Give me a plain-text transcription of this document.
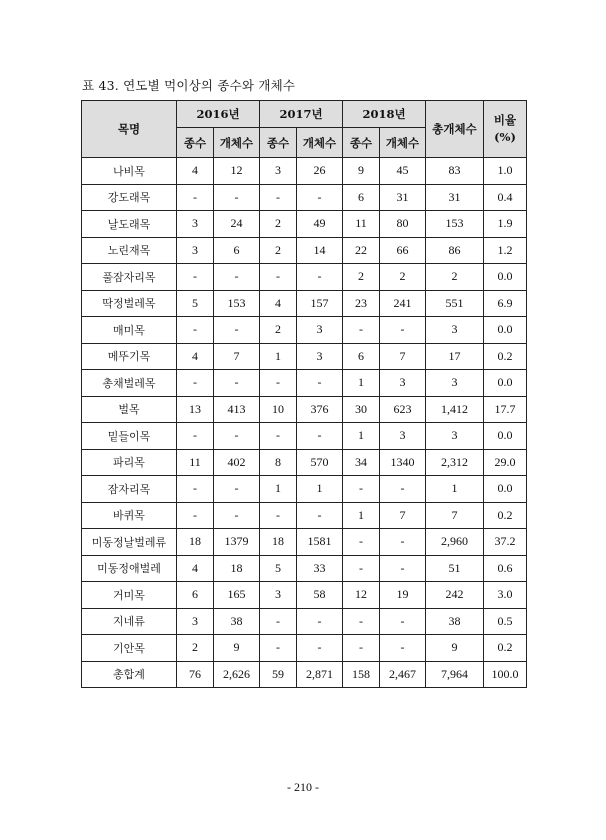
표 43. 연도별 먹이상의 종수와 개체수
목명	2016년		2017년		2018년		총개체수	비율
(%)
	종수	개체수	종수	개체수	종수	개체수		
나비목	4	12	3	26	9	45	83	1.0
강도래목	-	-	-	-	6	31	31	0.4
날도래목	3	24	2	49	11	80	153	1.9
노린재목	3	6	2	14	22	66	86	1.2
풀잠자리목	-	-	-	-	2	2	2	0.0
딱정벌레목	5	153	4	157	23	241	551	6.9
매미목	-	-	2	3	-	-	3	0.0
메뚜기목	4	7	1	3	6	7	17	0.2
총채벌레목	-	-	-	-	1	3	3	0.0
벌목	13	413	10	376	30	623	1,412	17.7
밑들이목	-	-	-	-	1	3	3	0.0
파리목	11	402	8	570	34	1340	2,312	29.0
잠자리목	-	-	1	1	-	-	1	0.0
바퀴목	-	-	-	-	1	7	7	0.2
미동정날벌레류	18	1379	18	1581	-	-	2,960	37.2
미동정애벌레	4	18	5	33	-	-	51	0.6
거미목	6	165	3	58	12	19	242	3.0
지네류	3	38	-	-	-	-	38	0.5
기안목	2	9	-	-	-	-	9	0.2
총합계	76	2,626	59	2,871	158	2,467	7,964	100.0
- 210 -
